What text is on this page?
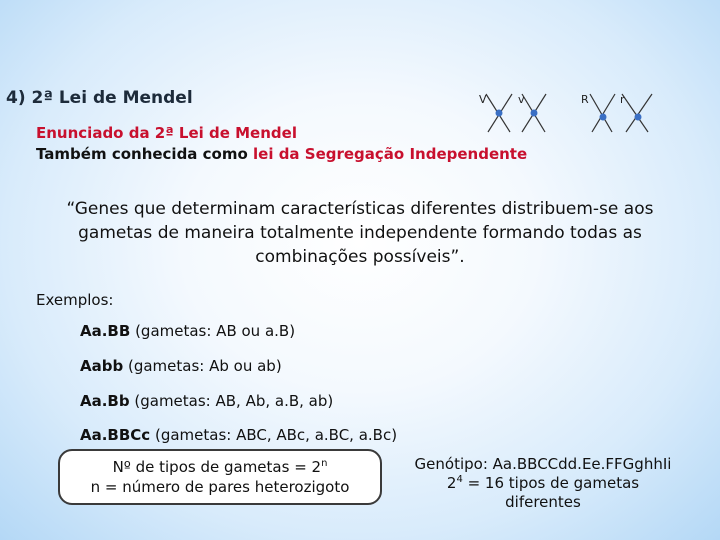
4) 2ª Lei de Mendel	V	v	R	r
Enunciado da 2ª Lei de Mendel
Também conhecida como lei da Segregação Independente
“Genes que determinam características diferentes distribuem-se aos gametas de maneira totalmente independente formando todas as combinações possíveis”.
Exemplos:
Aa.BB (gametas: AB ou a.B)
Aabb (gametas: Ab ou ab)
Aa.Bb (gametas: AB, Ab, a.B, ab)
Aa.BBCc (gametas: ABC, ABc, a.BC, a.Bc)
Nº de tipos de gametas = $2^n$
n = número de pares heterozigoto
Genótipo: Aa.BBCCdd.Ee.FFGghhIi
$2^4 = 16$ tipos de gametas
diferentes
